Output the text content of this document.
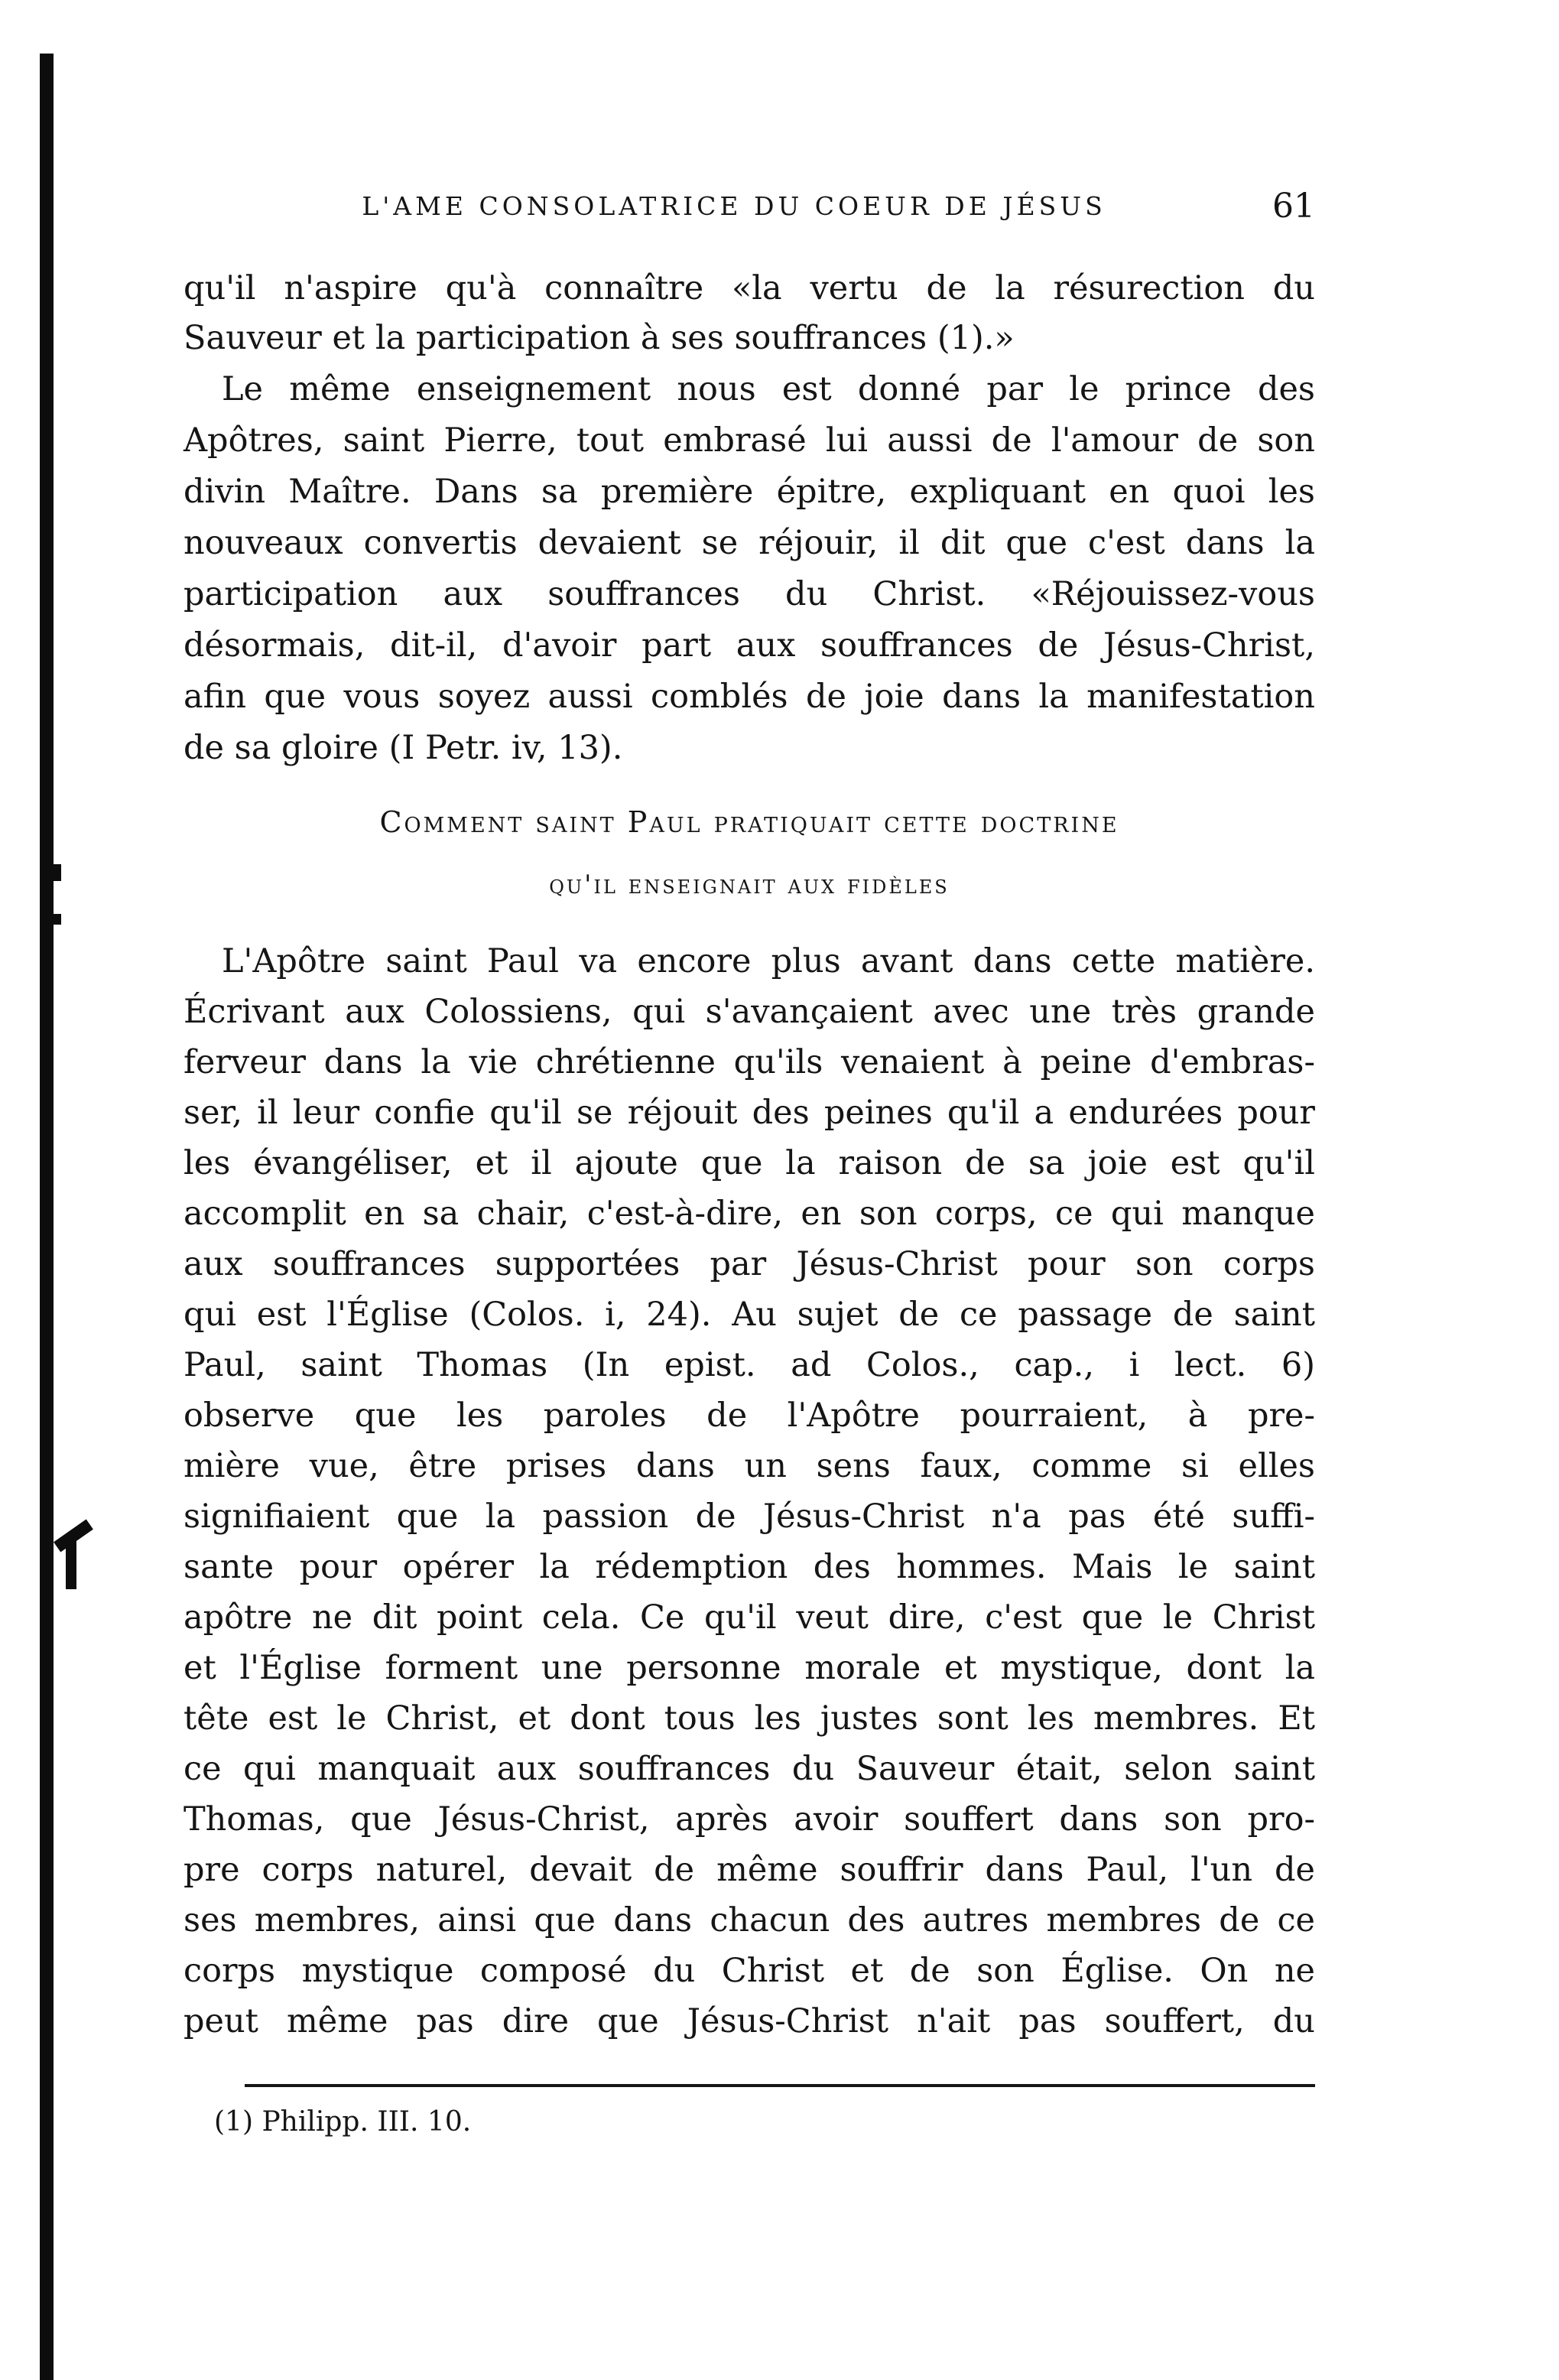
L'AME CONSOLATRICE DU COEUR DE JÉSUS	61
qu'il n'aspire qu'à connaître «la vertu de la résurection du
Sauveur et la participation à ses souffrances (1).»
Le même enseignement nous est donné par le prince des
Apôtres, saint Pierre, tout embrasé lui aussi de l'amour de son
divin Maître. Dans sa première épitre, expliquant en quoi les
nouveaux convertis devaient se réjouir, il dit que c'est dans la
participation aux souffrances du Christ. «Réjouissez-vous
désormais, dit-il, d'avoir part aux souffrances de Jésus-Christ,
afin que vous soyez aussi comblés de joie dans la manifestation
de sa gloire (I Petr. iv, 13).
Comment saint Paul pratiquait cette doctrine
qu'il enseignait aux fidèles
L'Apôtre saint Paul va encore plus avant dans cette matière.
Écrivant aux Colossiens, qui s'avançaient avec une très grande
ferveur dans la vie chrétienne qu'ils venaient à peine d'embras-
ser, il leur confie qu'il se réjouit des peines qu'il a endurées pour
les évangéliser, et il ajoute que la raison de sa joie est qu'il
accomplit en sa chair, c'est-à-dire, en son corps, ce qui manque
aux souffrances supportées par Jésus-Christ pour son corps
qui est l'Église (Colos. i, 24). Au sujet de ce passage de saint
Paul, saint Thomas (In epist. ad Colos., cap., i lect. 6)
observe que les paroles de l'Apôtre pourraient, à pre-
mière vue, être prises dans un sens faux, comme si elles
signifiaient que la passion de Jésus-Christ n'a pas été suffi-
sante pour opérer la rédemption des hommes. Mais le saint
apôtre ne dit point cela. Ce qu'il veut dire, c'est que le Christ
et l'Église forment une personne morale et mystique, dont la
tête est le Christ, et dont tous les justes sont les membres. Et
ce qui manquait aux souffrances du Sauveur était, selon saint
Thomas, que Jésus-Christ, après avoir souffert dans son pro-
pre corps naturel, devait de même souffrir dans Paul, l'un de
ses membres, ainsi que dans chacun des autres membres de ce
corps mystique composé du Christ et de son Église. On ne
peut même pas dire que Jésus-Christ n'ait pas souffert, du
(1) Philipp. III. 10.
